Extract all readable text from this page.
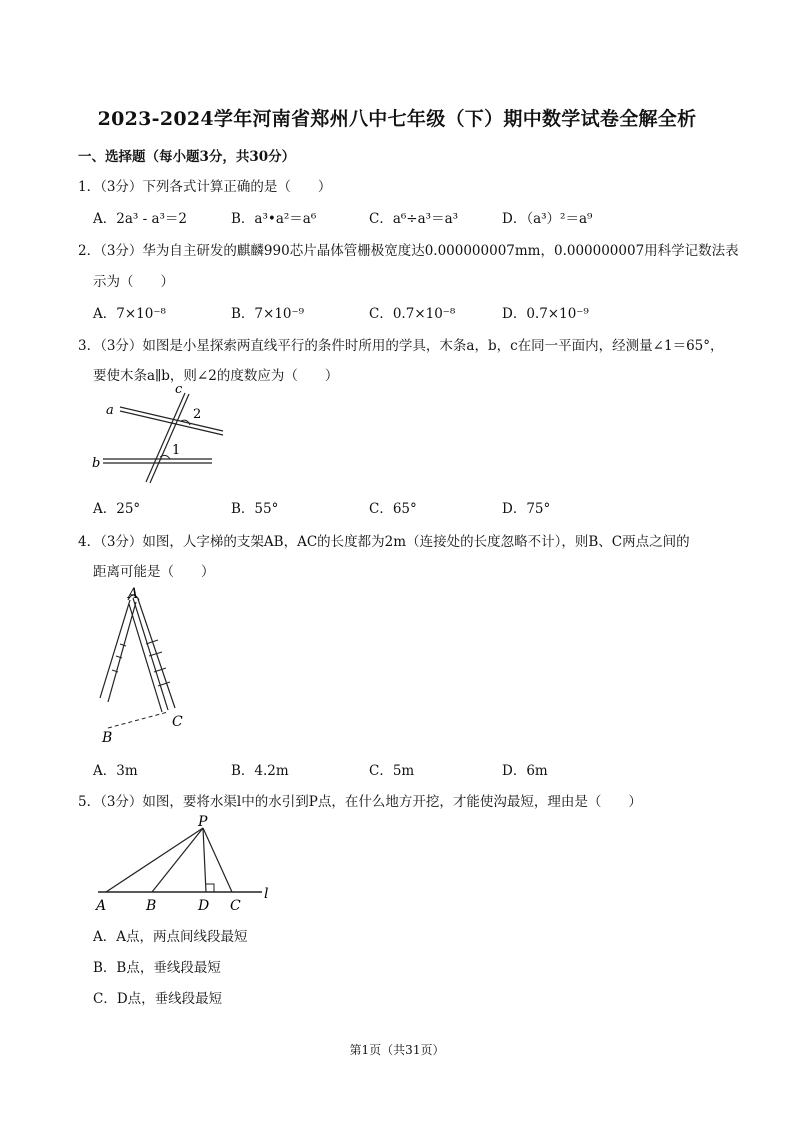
2023-2024学年河南省郑州八中七年级（下）期中数学试卷全解全析
一、选择题（每小题3分，共30分）
1．（3分）下列各式计算正确的是（　　）
A．2a³ - a³＝2	B．a³•a²＝a⁶	C．a⁶÷a³＝a³	D．（a³）²＝a⁹
2．（3分）华为自主研发的麒麟990芯片晶体管栅极宽度达0.000000007mm，0.000000007用科学记数法表
示为（　　）
A．7×10⁻⁸	B．7×10⁻⁹	C．0.7×10⁻⁸	D．0.7×10⁻⁹
3．（3分）如图是小星探索两直线平行的条件时所用的学具，木条a，b，c在同一平面内，经测量∠1＝65°，
要使木条a∥b，则∠2的度数应为（　　）
a
b
c
2
1
A．25°	B．55°	C．65°	D．75°
4．（3分）如图，人字梯的支架AB，AC的长度都为2m（连接处的长度忽略不计），则B、C两点之间的
距离可能是（　　）
A
B
C
A．3m	B．4.2m	C．5m	D．6m
5．（3分）如图，要将水渠l中的水引到P点，在什么地方开挖，才能使沟最短，理由是（　　）
P
A	B	D C
l
A．A点，两点间线段最短
B．B点，垂线段最短
C．D点，垂线段最短
第1页（共31页）
